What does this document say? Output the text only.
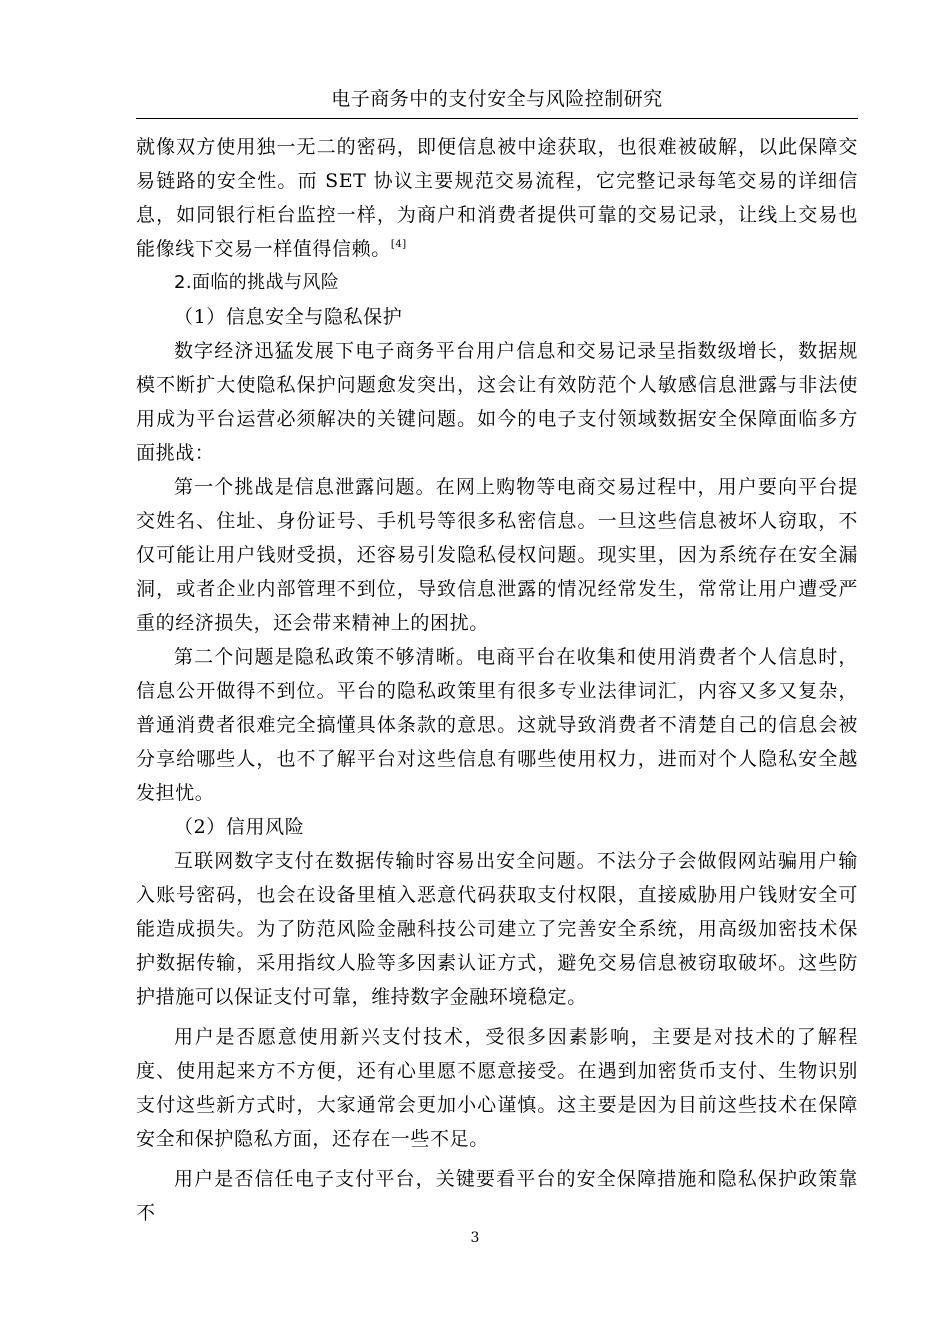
电子商务中的支付安全与风险控制研究

就像双方使用独一无二的密码，即便信息被中途获取，也很难被破解，以此保障交易链路的安全性。而 SET 协议主要规范交易流程，它完整记录每笔交易的详细信息，如同银行柜台监控一样，为商户和消费者提供可靠的交易记录，让线上交易也能像线下交易一样值得信赖。[4]

2.面临的挑战与风险

（1）信息安全与隐私保护

数字经济迅猛发展下电子商务平台用户信息和交易记录呈指数级增长，数据规模不断扩大使隐私保护问题愈发突出，这会让有效防范个人敏感信息泄露与非法使用成为平台运营必须解决的关键问题。如今的电子支付领域数据安全保障面临多方面挑战：

第一个挑战是信息泄露问题。在网上购物等电商交易过程中，用户要向平台提交姓名、住址、身份证号、手机号等很多私密信息。一旦这些信息被坏人窃取，不仅可能让用户钱财受损，还容易引发隐私侵权问题。现实里，因为系统存在安全漏洞，或者企业内部管理不到位，导致信息泄露的情况经常发生，常常让用户遭受严重的经济损失，还会带来精神上的困扰。

第二个问题是隐私政策不够清晰。电商平台在收集和使用消费者个人信息时，信息公开做得不到位。平台的隐私政策里有很多专业法律词汇，内容又多又复杂，普通消费者很难完全搞懂具体条款的意思。这就导致消费者不清楚自己的信息会被分享给哪些人，也不了解平台对这些信息有哪些使用权力，进而对个人隐私安全越发担忧。

（2）信用风险

互联网数字支付在数据传输时容易出安全问题。不法分子会做假网站骗用户输入账号密码，也会在设备里植入恶意代码获取支付权限，直接威胁用户钱财安全可能造成损失。为了防范风险金融科技公司建立了完善安全系统，用高级加密技术保护数据传输，采用指纹人脸等多因素认证方式，避免交易信息被窃取破坏。这些防护措施可以保证支付可靠，维持数字金融环境稳定。

用户是否愿意使用新兴支付技术，受很多因素影响，主要是对技术的了解程度、使用起来方不方便，还有心里愿不愿意接受。在遇到加密货币支付、生物识别支付这些新方式时，大家通常会更加小心谨慎。这主要是因为目前这些技术在保障安全和保护隐私方面，还存在一些不足。

用户是否信任电子支付平台，关键要看平台的安全保障措施和隐私保护政策靠不

3
